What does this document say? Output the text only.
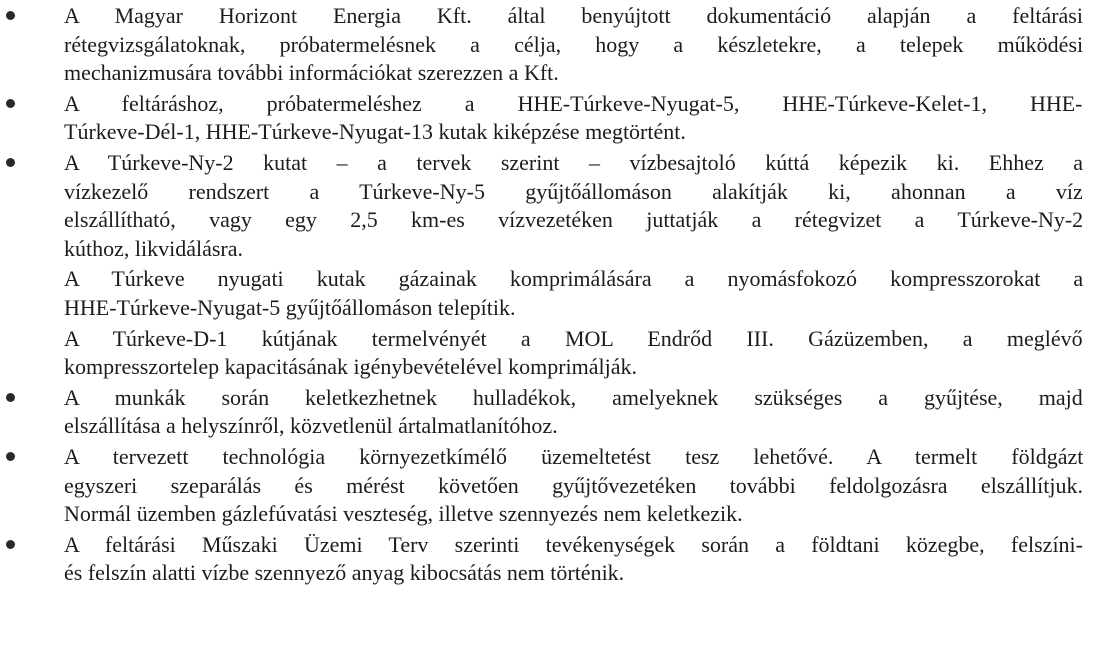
A Magyar Horizont Energia Kft. által benyújtott dokumentáció alapján a feltárási
rétegvizsgálatoknak, próbatermelésnek a célja, hogy a készletekre, a telepek működési
mechanizmusára további információkat szerezzen a Kft.
A feltáráshoz, próbatermeléshez a HHE-Túrkeve-Nyugat-5, HHE-Túrkeve-Kelet-1, HHE-
Túrkeve-Dél-1, HHE-Túrkeve-Nyugat-13 kutak kiképzése megtörtént.
A Túrkeve-Ny-2 kutat – a tervek szerint – vízbesajtoló kúttá képezik ki. Ehhez a
vízkezelő rendszert a Túrkeve-Ny-5 gyűjtőállomáson alakítják ki, ahonnan a víz
elszállítható, vagy egy 2,5 km-es vízvezetéken juttatják a rétegvizet a Túrkeve-Ny-2
kúthoz, likvidálásra.
A Túrkeve nyugati kutak gázainak komprimálására a nyomásfokozó kompresszorokat a
HHE-Túrkeve-Nyugat-5 gyűjtőállomáson telepítik.
A Túrkeve-D-1 kútjának termelvényét a MOL Endrőd III. Gázüzemben, a meglévő
kompresszortelep kapacitásának igénybevételével komprimálják.
A munkák során keletkezhetnek hulladékok, amelyeknek szükséges a gyűjtése, majd
elszállítása a helyszínről, közvetlenül ártalmatlanítóhoz.
A tervezett technológia környezetkímélő üzemeltetést tesz lehetővé. A termelt földgázt
egyszeri szeparálás és mérést követően gyűjtővezetéken további feldolgozásra elszállítjuk.
Normál üzemben gázlefúvatási veszteség, illetve szennyezés nem keletkezik.
A feltárási Műszaki Üzemi Terv szerinti tevékenységek során a földtani közegbe, felszíni-
és felszín alatti vízbe szennyező anyag kibocsátás nem történik.
